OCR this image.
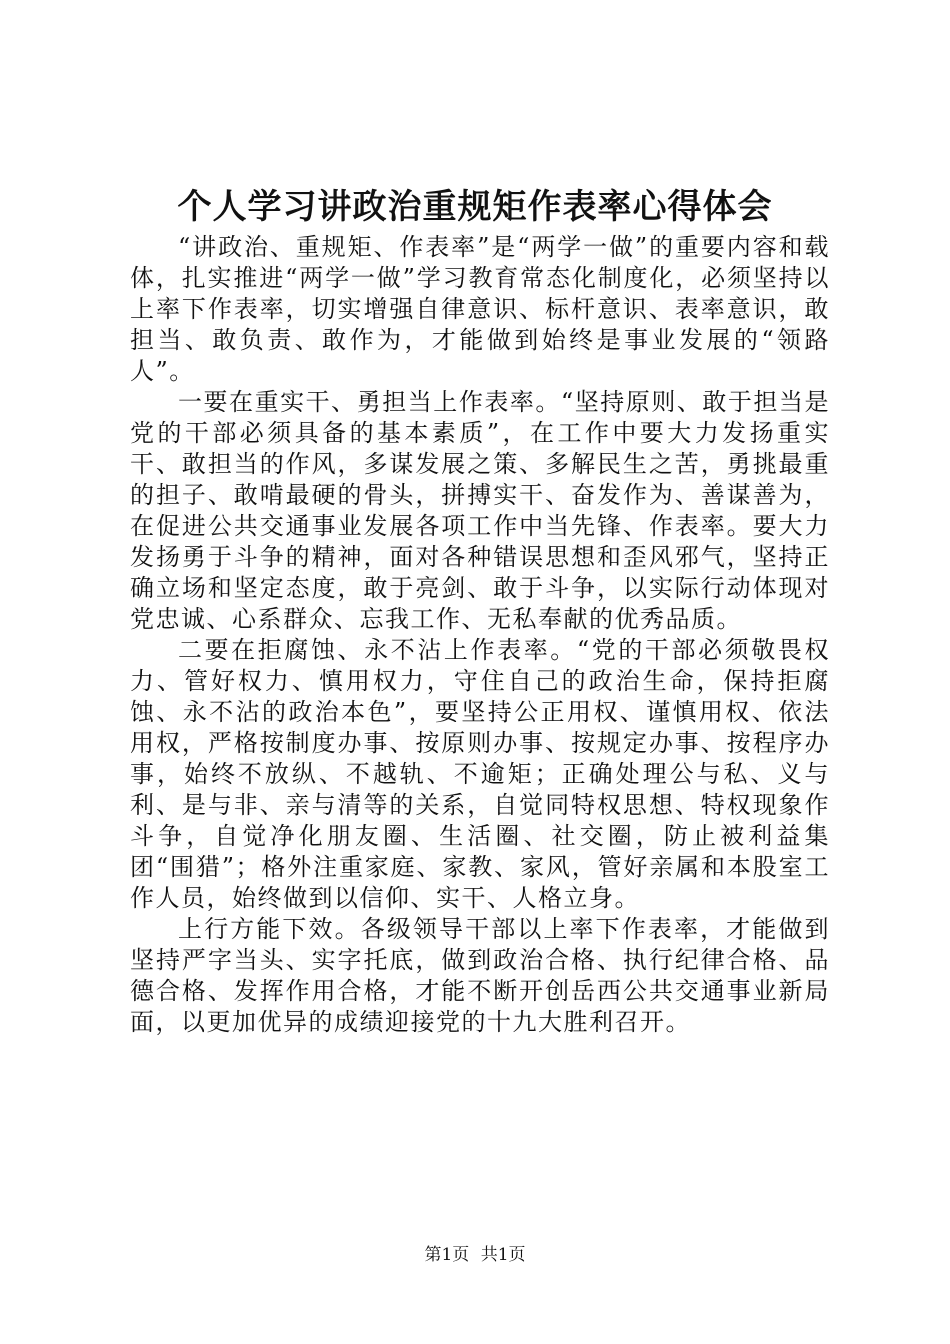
个人学习讲政治重规矩作表率心得体会

“讲政治、重规矩、作表率”是“两学一做”的重要内容和载体，扎实推进“两学一做”学习教育常态化制度化，必须坚持以上率下作表率，切实增强自律意识、标杆意识、表率意识，敢担当、敢负责、敢作为，才能做到始终是事业发展的“领路人”。

一要在重实干、勇担当上作表率。“坚持原则、敢于担当是党的干部必须具备的基本素质”，在工作中要大力发扬重实干、敢担当的作风，多谋发展之策、多解民生之苦，勇挑最重的担子、敢啃最硬的骨头，拼搏实干、奋发作为、善谋善为，在促进公共交通事业发展各项工作中当先锋、作表率。要大力发扬勇于斗争的精神，面对各种错误思想和歪风邪气，坚持正确立场和坚定态度，敢于亮剑、敢于斗争，以实际行动体现对党忠诚、心系群众、忘我工作、无私奉献的优秀品质。

二要在拒腐蚀、永不沾上作表率。“党的干部必须敬畏权力、管好权力、慎用权力，守住自己的政治生命，保持拒腐蚀、永不沾的政治本色”，要坚持公正用权、谨慎用权、依法用权，严格按制度办事、按原则办事、按规定办事、按程序办事，始终不放纵、不越轨、不逾矩；正确处理公与私、义与利、是与非、亲与清等的关系，自觉同特权思想、特权现象作斗争，自觉净化朋友圈、生活圈、社交圈，防止被利益集团“围猎”；格外注重家庭、家教、家风，管好亲属和本股室工作人员，始终做到以信仰、实干、人格立身。

上行方能下效。各级领导干部以上率下作表率，才能做到坚持严字当头、实字托底，做到政治合格、执行纪律合格、品德合格、发挥作用合格，才能不断开创岳西公共交通事业新局面，以更加优异的成绩迎接党的十九大胜利召开。

第1页 共1页
